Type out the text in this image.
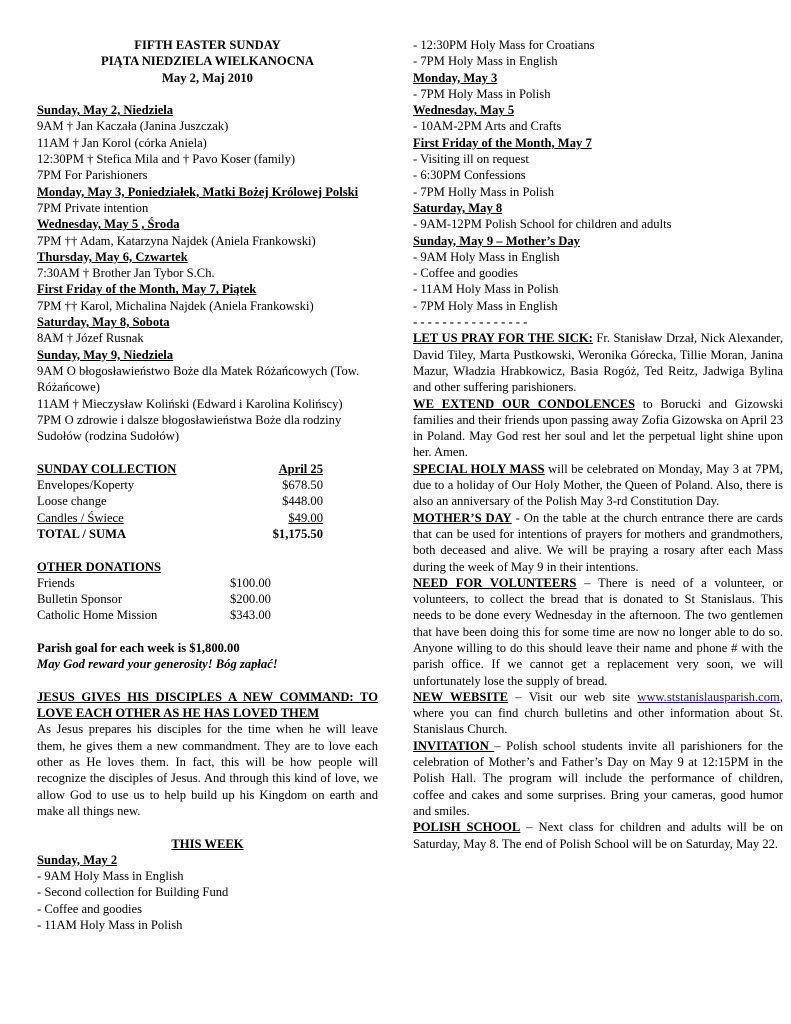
FIFTH EASTER SUNDAY
PIĄTA NIEDZIELA WIELKANOCNA
May 2, Maj 2010
Sunday, May 2, Niedziela
9AM † Jan Kaczała (Janina Juszczak)
11AM † Jan Korol (córka Aniela)
12:30PM † Stefica Mila and † Pavo Koser (family)
7PM For Parishioners
Monday, May 3, Poniedziałek, Matki Bożej Królowej Polski
7PM Private intention
Wednesday, May 5 , Środa
7PM †† Adam, Katarzyna Najdek (Aniela Frankowski)
Thursday, May 6, Czwartek
7:30AM † Brother Jan Tybor S.Ch.
First Friday of the Month, May 7, Piątek
7PM †† Karol, Michalina Najdek (Aniela Frankowski)
Saturday, May 8, Sobota
8AM † Józef Rusnak
Sunday, May 9, Niedziela
9AM O błogosławieństwo Boże dla Matek Różańcowych (Tow. Różańcowe)
11AM † Mieczysław Koliński (Edward i Karolina Kolińscy)
7PM O zdrowie i dalsze błogosławieństwa Boże dla rodziny Sudołów (rodzina Sudołów)
SUNDAY COLLECTION	April 25
Envelopes/Koperty	$678.50
Loose change	$448.00
Candles / Świece	$49.00
TOTAL / SUMA	$1,175.50
OTHER DONATIONS
Friends	$100.00
Bulletin Sponsor	$200.00
Catholic Home Mission	$343.00
Parish goal for each week is $1,800.00
May God reward your generosity! Bóg zapłać!
JESUS GIVES HIS DISCIPLES A NEW COMMAND: TO LOVE EACH OTHER AS HE HAS LOVED THEM
As Jesus prepares his disciples for the time when he will leave them, he gives them a new commandment. They are to love each other as He loves them. In fact, this will be how people will recognize the disciples of Jesus. And through this kind of love, we allow God to use us to help build up his Kingdom on earth and make all things new.
THIS WEEK
Sunday, May 2
- 9AM Holy Mass in English
- Second collection for Building Fund
- Coffee and goodies
- 11AM Holy Mass in Polish
- 12:30PM Holy Mass for Croatians
- 7PM Holy Mass in English
Monday, May 3
- 7PM Holy Mass in Polish
Wednesday, May 5
- 10AM-2PM Arts and Crafts
First Friday of the Month, May 7
- Visiting ill on request
- 6:30PM Confessions
- 7PM Holly Mass in Polish
Saturday, May 8
- 9AM-12PM Polish School for children and adults
Sunday, May 9 – Mother’s Day
- 9AM Holy Mass in English
- Coffee and goodies
- 11AM Holy Mass in Polish
- 7PM Holy Mass in English
- - - - - - - - - - - - - - - -
LET US PRAY FOR THE SICK: Fr. Stanisław Drzał, Nick Alexander, David Tiley, Marta Pustkowski, Weronika Górecka, Tillie Moran, Janina Mazur, Władzia Hrabkowicz, Basia Rogóż, Ted Reitz, Jadwiga Bylina and other suffering parishioners.
WE EXTEND OUR CONDOLENCES to Borucki and Gizowski families and their friends upon passing away Zofia Gizowska on April 23 in Poland. May God rest her soul and let the perpetual light shine upon her. Amen.
SPECIAL HOLY MASS will be celebrated on Monday, May 3 at 7PM, due to a holiday of Our Holy Mother, the Queen of Poland. Also, there is also an anniversary of the Polish May 3-rd Constitution Day.
MOTHER’S DAY - On the table at the church entrance there are cards that can be used for intentions of prayers for mothers and grandmothers, both deceased and alive. We will be praying a rosary after each Mass during the week of May 9 in their intentions.
NEED FOR VOLUNTEERS – There is need of a volunteer, or volunteers, to collect the bread that is donated to St Stanislaus. This needs to be done every Wednesday in the afternoon. The two gentlemen that have been doing this for some time are now no longer able to do so. Anyone willing to do this should leave their name and phone # with the parish office. If we cannot get a replacement very soon, we will unfortunately lose the supply of bread.
NEW WEBSITE – Visit our web site www.ststanislausparish.com, where you can find church bulletins and other information about St. Stanislaus Church.
INVITATION – Polish school students invite all parishioners for the celebration of Mother’s and Father’s Day on May 9 at 12:15PM in the Polish Hall. The program will include the performance of children, coffee and cakes and some surprises. Bring your cameras, good humor and smiles.
POLISH SCHOOL – Next class for children and adults will be on Saturday, May 8. The end of Polish School will be on Saturday, May 22.
